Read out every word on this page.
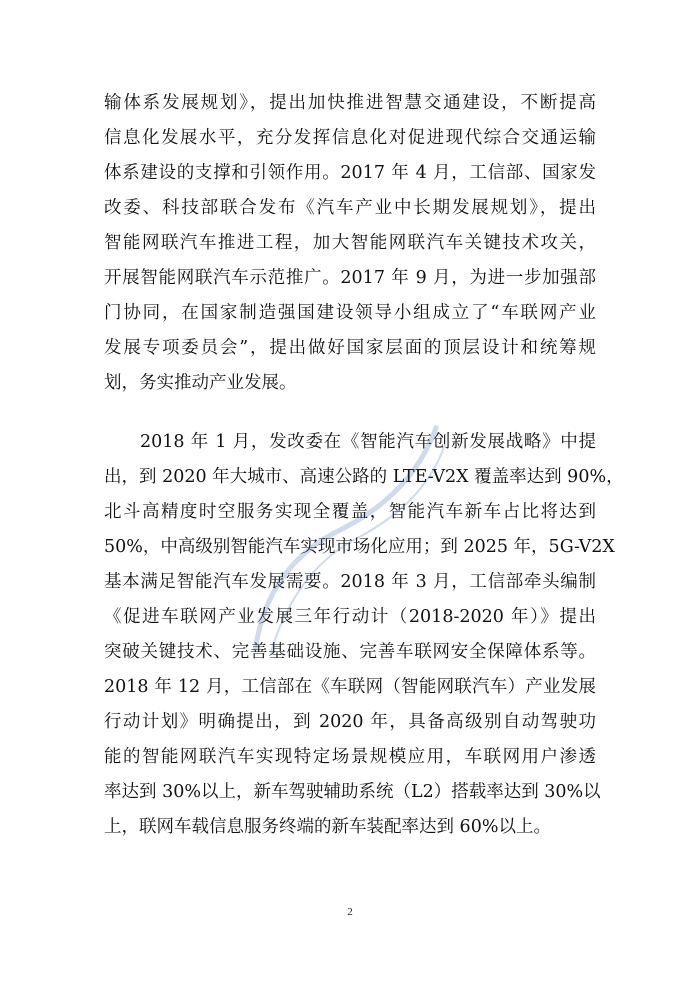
输体系发展规划》，提出加快推进智慧交通建设，不断提高
信息化发展水平，充分发挥信息化对促进现代综合交通运输
体系建设的支撑和引领作用。2017 年 4 月，工信部、国家发
改委、科技部联合发布《汽车产业中长期发展规划》，提出
智能网联汽车推进工程，加大智能网联汽车关键技术攻关，
开展智能网联汽车示范推广。2017 年 9 月，为进一步加强部
门协同，在国家制造强国建设领导小组成立了“车联网产业
发展专项委员会”，提出做好国家层面的顶层设计和统筹规
划，务实推动产业发展。
2018 年 1 月，发改委在《智能汽车创新发展战略》中提
出，到 2020 年大城市、高速公路的 LTE-V2X 覆盖率达到 90%，
北斗高精度时空服务实现全覆盖，智能汽车新车占比将达到
50%，中高级别智能汽车实现市场化应用；到 2025 年，5G-V2X
基本满足智能汽车发展需要。2018 年 3 月，工信部牵头编制
《促进车联网产业发展三年行动计（2018-2020 年）》提出
突破关键技术、完善基础设施、完善车联网安全保障体系等。
2018 年 12 月，工信部在《车联网（智能网联汽车）产业发展
行动计划》明确提出，到 2020 年，具备高级别自动驾驶功
能的智能网联汽车实现特定场景规模应用，车联网用户渗透
率达到 30%以上，新车驾驶辅助系统（L2）搭载率达到 30%以
上，联网车载信息服务终端的新车装配率达到 60%以上。
2
